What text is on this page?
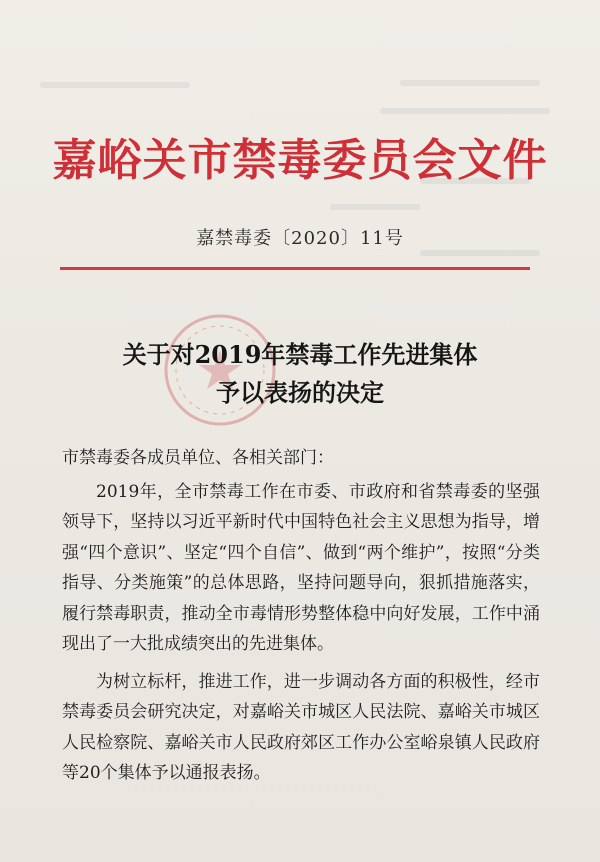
嘉峪关市禁毒委员会文件
嘉禁毒委〔2020〕11号
关于对2019年禁毒工作先进集体
予以表扬的决定

市禁毒委各成员单位、各相关部门：

2019年，全市禁毒工作在市委、市政府和省禁毒委的坚强领导下，坚持以习近平新时代中国特色社会主义思想为指导，增强“四个意识”、坚定“四个自信”、做到“两个维护”，按照“分类指导、分类施策”的总体思路，坚持问题导向，狠抓措施落实，履行禁毒职责，推动全市毒情形势整体稳中向好发展，工作中涌现出了一大批成绩突出的先进集体。

为树立标杆，推进工作，进一步调动各方面的积极性，经市禁毒委员会研究决定，对嘉峪关市城区人民法院、嘉峪关市城区人民检察院、嘉峪关市人民政府郊区工作办公室峪泉镇人民政府等20个集体予以通报表扬。
